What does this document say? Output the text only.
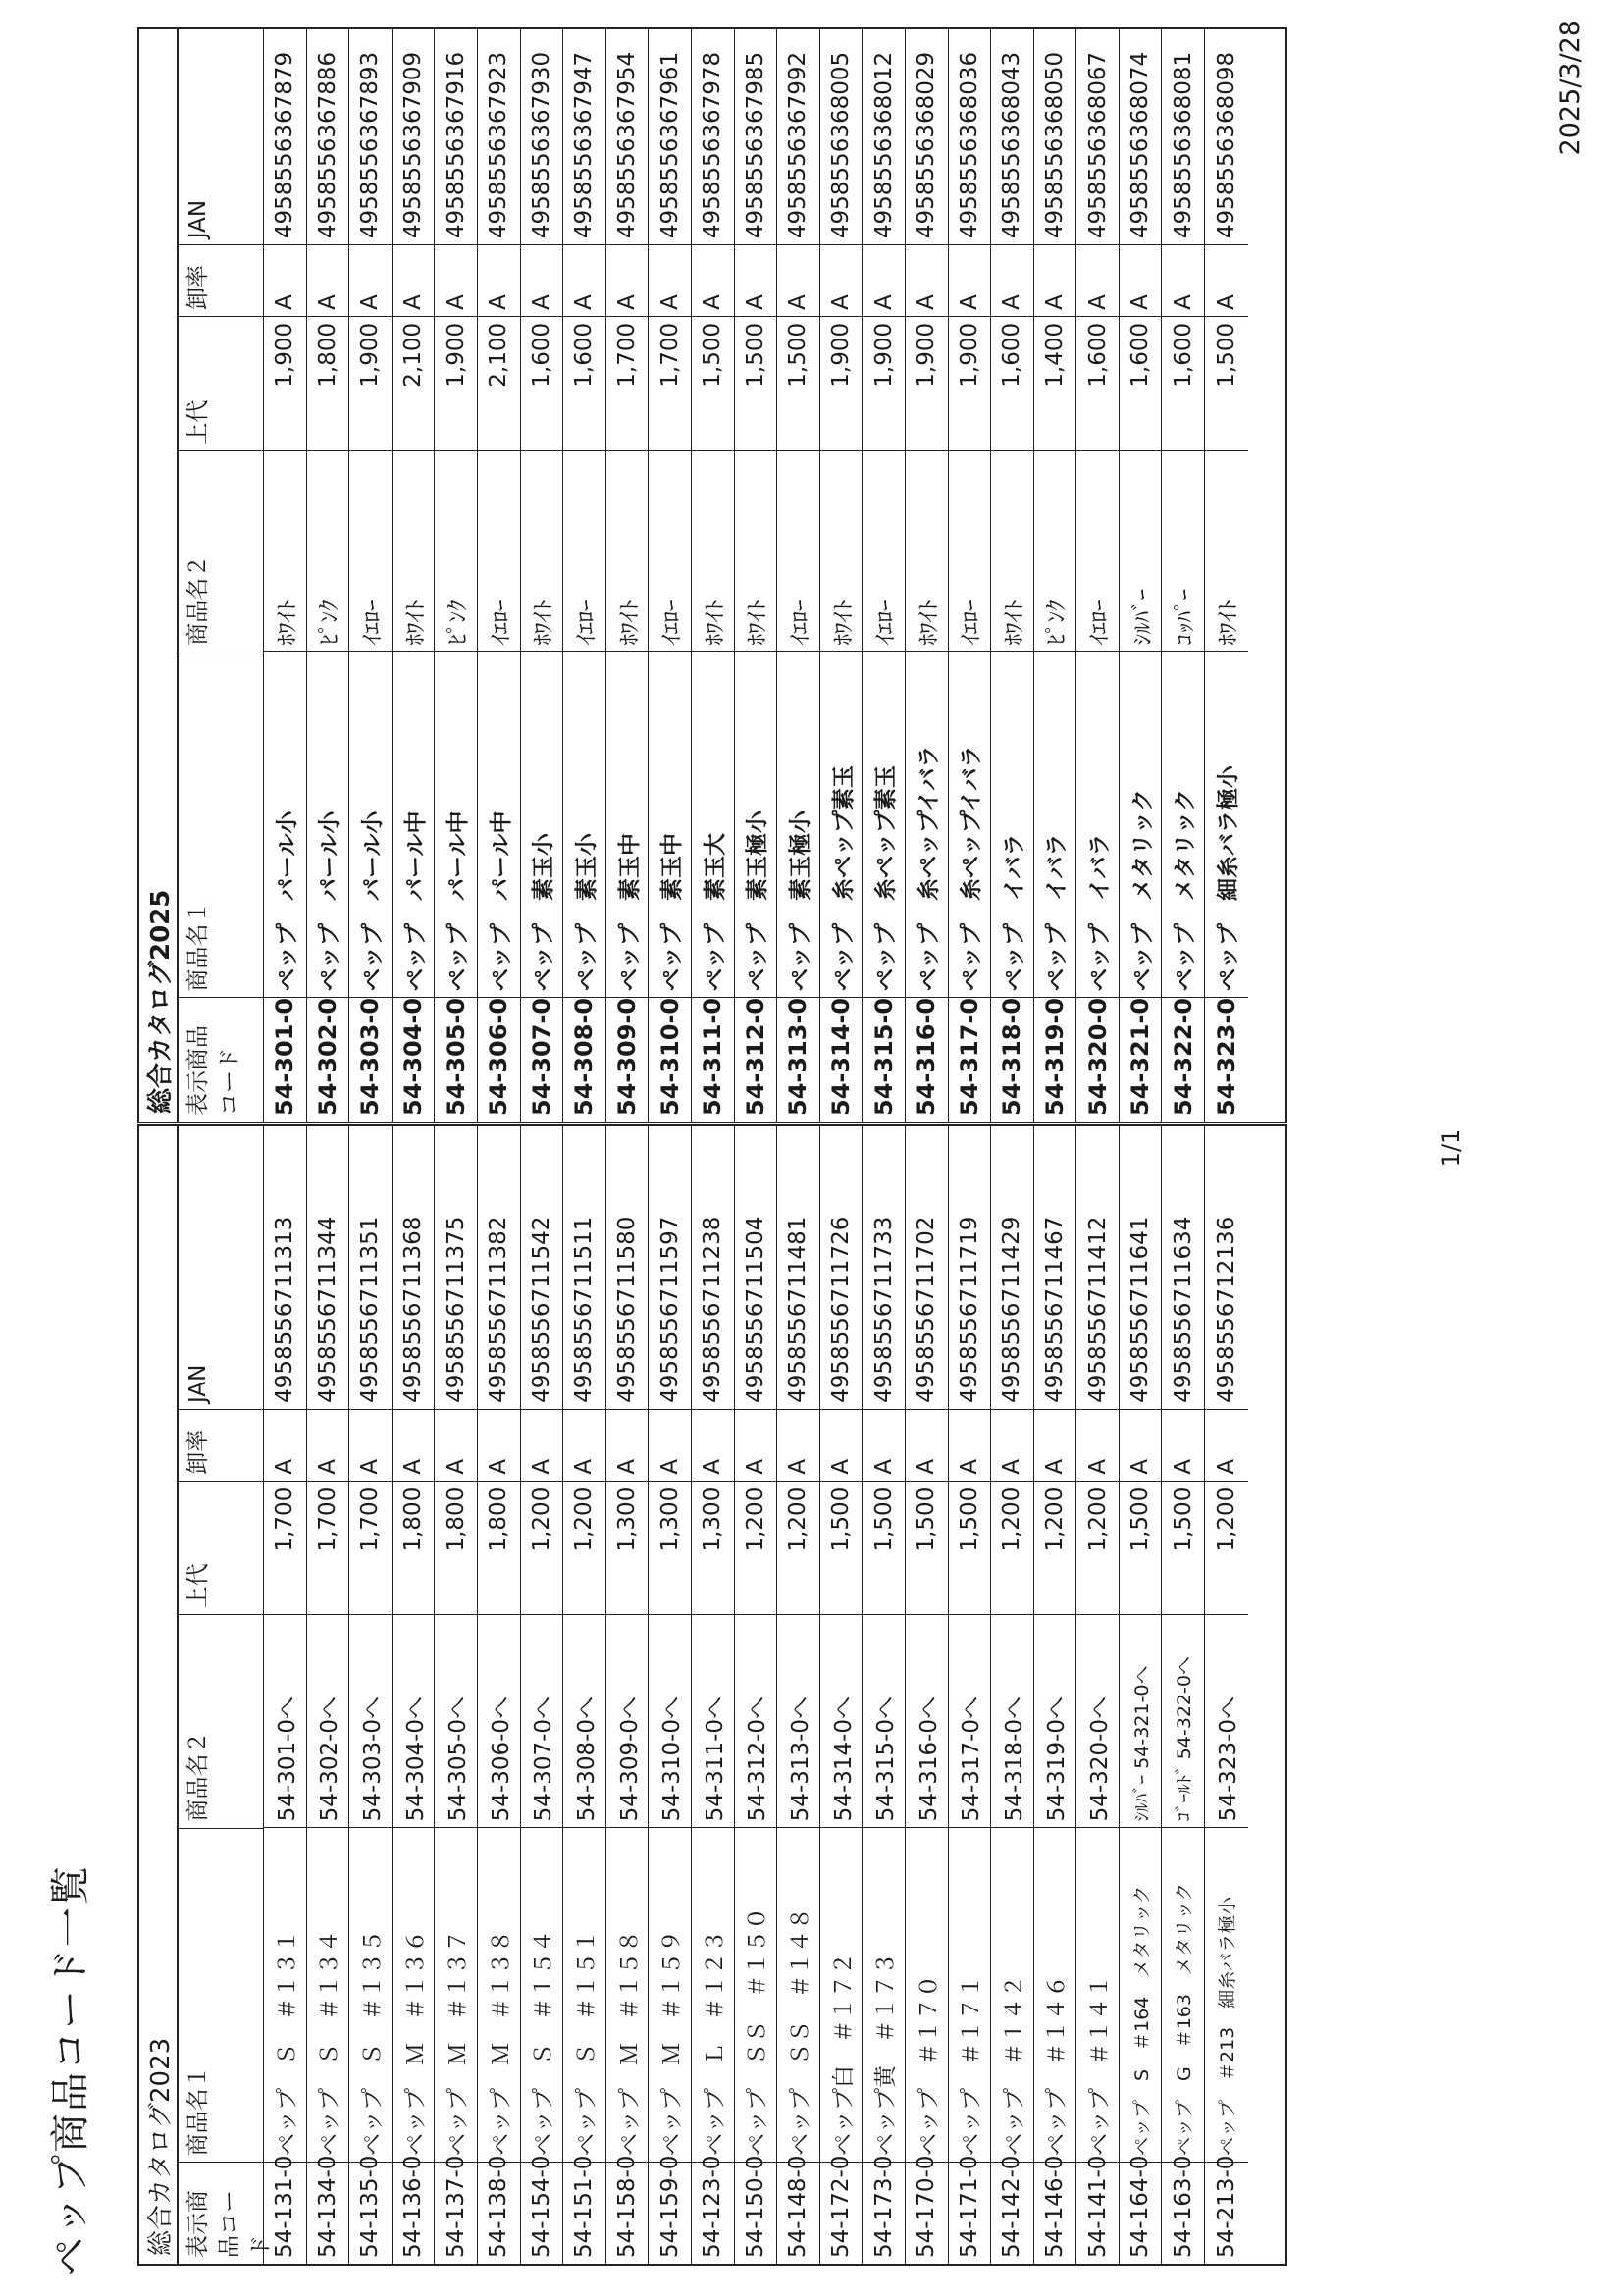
ペップ商品コード一覧
2025/3/28
1/1
総合カタログ2023 表示商品コード
商品名１
商品名２
上代
卸率
JAN
54-131-0
ペップ　Ｓ　＃１３１
54-301-0へ
1,700
A
4958556711313
54-134-0
ペップ　Ｓ　＃１３４
54-302-0へ
1,700
A
4958556711344
54-135-0
ペップ　Ｓ　＃１３５
54-303-0へ
1,700
A
4958556711351
54-136-0
ペップ　Ｍ　＃１３６
54-304-0へ
1,800
A
4958556711368
54-137-0
ペップ　Ｍ　＃１３７
54-305-0へ
1,800
A
4958556711375
54-138-0
ペップ　Ｍ　＃１３８
54-306-0へ
1,800
A
4958556711382
54-154-0
ペップ　Ｓ　＃１５４
54-307-0へ
1,200
A
4958556711542
54-151-0
ペップ　Ｓ　＃１５１
54-308-0へ
1,200
A
4958556711511
54-158-0
ペップ　Ｍ　＃１５８
54-309-0へ
1,300
A
4958556711580
54-159-0
ペップ　Ｍ　＃１５９
54-310-0へ
1,300
A
4958556711597
54-123-0
ペップ　Ｌ　＃１２３
54-311-0へ
1,300
A
4958556711238
54-150-0
ペップ　ＳＳ　＃１５０
54-312-0へ
1,200
A
4958556711504
54-148-0
ペップ　ＳＳ　＃１４８
54-313-0へ
1,200
A
4958556711481
54-172-0
ペップ白　＃１７２
54-314-0へ
1,500
A
4958556711726
54-173-0
ペップ黄　＃１７３
54-315-0へ
1,500
A
4958556711733
54-170-0
ペップ　＃１７０
54-316-0へ
1,500
A
4958556711702
54-171-0
ペップ　＃１７１
54-317-0へ
1,500
A
4958556711719
54-142-0
ペップ　＃１４２
54-318-0へ
1,200
A
4958556711429
54-146-0
ペップ　＃１４６
54-319-0へ
1,200
A
4958556711467
54-141-0
ペップ　＃１４１
54-320-0へ
1,200
A
4958556711412
54-164-0
ペップ　S　＃164　メタリック
ｼﾙﾊﾞｰ 54-321-0へ
1,500
A
4958556711641
54-163-0
ペップ　G　＃163　メタリック
ｺﾞｰﾙﾄﾞ 54-322-0へ
1,500
A
4958556711634
54-213-0
ペップ　＃213　細糸バラ極小
54-323-0へ
1,200
A
4958556712136
総合カタログ2025 表示商品コード
商品名１
商品名２
上代
卸率
JAN
54-301-0
ペップ　パール小
ﾎﾜｲﾄ
1,900
A
4958556367879
54-302-0
ペップ　パール小
ﾋﾟﾝｸ
1,800
A
4958556367886
54-303-0
ペップ　パール小
ｲｴﾛｰ
1,900
A
4958556367893
54-304-0
ペップ　パール中
ﾎﾜｲﾄ
2,100
A
4958556367909
54-305-0
ペップ　パール中
ﾋﾟﾝｸ
1,900
A
4958556367916
54-306-0
ペップ　パール中
ｲｴﾛｰ
2,100
A
4958556367923
54-307-0
ペップ　素玉小
ﾎﾜｲﾄ
1,600
A
4958556367930
54-308-0
ペップ　素玉小
ｲｴﾛｰ
1,600
A
4958556367947
54-309-0
ペップ　素玉中
ﾎﾜｲﾄ
1,700
A
4958556367954
54-310-0
ペップ　素玉中
ｲｴﾛｰ
1,700
A
4958556367961
54-311-0
ペップ　素玉大
ﾎﾜｲﾄ
1,500
A
4958556367978
54-312-0
ペップ　素玉極小
ﾎﾜｲﾄ
1,500
A
4958556367985
54-313-0
ペップ　素玉極小
ｲｴﾛｰ
1,500
A
4958556367992
54-314-0
ペップ　糸ペップ素玉
ﾎﾜｲﾄ
1,900
A
4958556368005
54-315-0
ペップ　糸ペップ素玉
ｲｴﾛｰ
1,900
A
4958556368012
54-316-0
ペップ　糸ペップイバラ
ﾎﾜｲﾄ
1,900
A
4958556368029
54-317-0
ペップ　糸ペップイバラ
ｲｴﾛｰ
1,900
A
4958556368036
54-318-0
ペップ　イバラ
ﾎﾜｲﾄ
1,600
A
4958556368043
54-319-0
ペップ　イバラ
ﾋﾟﾝｸ
1,400
A
4958556368050
54-320-0
ペップ　イバラ
ｲｴﾛｰ
1,600
A
4958556368067
54-321-0
ペップ　メタリック
ｼﾙﾊﾞｰ
1,600
A
4958556368074
54-322-0
ペップ　メタリック
ｺｯﾊﾟｰ
1,600
A
4958556368081
54-323-0
ペップ　細糸バラ極小
ﾎﾜｲﾄ
1,500
A
4958556368098
